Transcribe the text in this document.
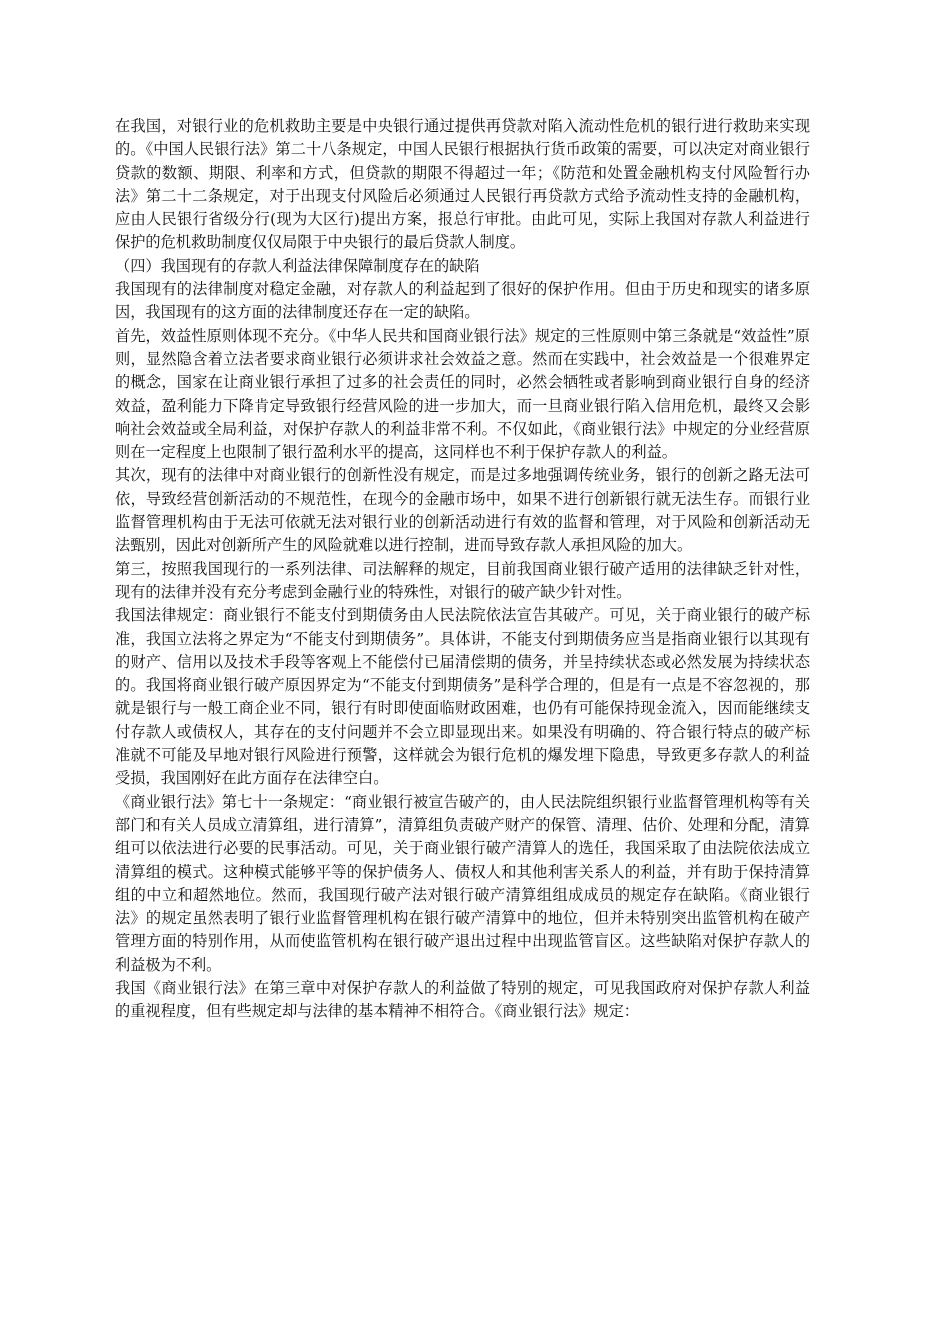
在我国，对银行业的危机救助主要是中央银行通过提供再贷款对陷入流动性危机的银行进行救助来实现的。《中国人民银行法》第二十八条规定，中国人民银行根据执行货币政策的需要，可以决定对商业银行贷款的数额、期限、利率和方式，但贷款的期限不得超过一年；《防范和处置金融机构支付风险暂行办法》第二十二条规定，对于出现支付风险后必须通过人民银行再贷款方式给予流动性支持的金融机构，应由人民银行省级分行(现为大区行)提出方案，报总行审批。由此可见，实际上我国对存款人利益进行保护的危机救助制度仅仅局限于中央银行的最后贷款人制度。

（四）我国现有的存款人利益法律保障制度存在的缺陷

我国现有的法律制度对稳定金融，对存款人的利益起到了很好的保护作用。但由于历史和现实的诸多原因，我国现有的这方面的法律制度还存在一定的缺陷。

首先，效益性原则体现不充分。《中华人民共和国商业银行法》规定的三性原则中第三条就是“效益性”原则，显然隐含着立法者要求商业银行必须讲求社会效益之意。然而在实践中，社会效益是一个很难界定的概念，国家在让商业银行承担了过多的社会责任的同时，必然会牺牲或者影响到商业银行自身的经济效益，盈利能力下降肯定导致银行经营风险的进一步加大，而一旦商业银行陷入信用危机，最终又会影响社会效益或全局利益，对保护存款人的利益非常不利。不仅如此，《商业银行法》中规定的分业经营原则在一定程度上也限制了银行盈利水平的提高，这同样也不利于保护存款人的利益。

其次，现有的法律中对商业银行的创新性没有规定，而是过多地强调传统业务，银行的创新之路无法可依，导致经营创新活动的不规范性，在现今的金融市场中，如果不进行创新银行就无法生存。而银行业监督管理机构由于无法可依就无法对银行业的创新活动进行有效的监督和管理，对于风险和创新活动无法甄别，因此对创新所产生的风险就难以进行控制，进而导致存款人承担风险的加大。

第三，按照我国现行的一系列法律、司法解释的规定，目前我国商业银行破产适用的法律缺乏针对性，现有的法律并没有充分考虑到金融行业的特殊性，对银行的破产缺少针对性。

我国法律规定：商业银行不能支付到期债务由人民法院依法宣告其破产。可见，关于商业银行的破产标准，我国立法将之界定为“不能支付到期债务”。具体讲，不能支付到期债务应当是指商业银行以其现有的财产、信用以及技术手段等客观上不能偿付已届清偿期的债务，并呈持续状态或必然发展为持续状态的。我国将商业银行破产原因界定为“不能支付到期债务”是科学合理的，但是有一点是不容忽视的，那就是银行与一般工商企业不同，银行有时即使面临财政困难，也仍有可能保持现金流入，因而能继续支付存款人或债权人，其存在的支付问题并不会立即显现出来。如果没有明确的、符合银行特点的破产标准就不可能及早地对银行风险进行预警，这样就会为银行危机的爆发埋下隐患，导致更多存款人的利益受损，我国刚好在此方面存在法律空白。

《商业银行法》第七十一条规定：“商业银行被宣告破产的，由人民法院组织银行业监督管理机构等有关部门和有关人员成立清算组，进行清算”，清算组负责破产财产的保管、清理、估价、处理和分配，清算组可以依法进行必要的民事活动。可见，关于商业银行破产清算人的选任，我国采取了由法院依法成立清算组的模式。这种模式能够平等的保护债务人、债权人和其他利害关系人的利益，并有助于保持清算组的中立和超然地位。然而，我国现行破产法对银行破产清算组组成成员的规定存在缺陷。《商业银行法》的规定虽然表明了银行业监督管理机构在银行破产清算中的地位，但并未特别突出监管机构在破产管理方面的特别作用，从而使监管机构在银行破产退出过程中出现监管盲区。这些缺陷对保护存款人的利益极为不利。

我国《商业银行法》在第三章中对保护存款人的利益做了特别的规定，可见我国政府对保护存款人利益的重视程度，但有些规定却与法律的基本精神不相符合。《商业银行法》规定：
